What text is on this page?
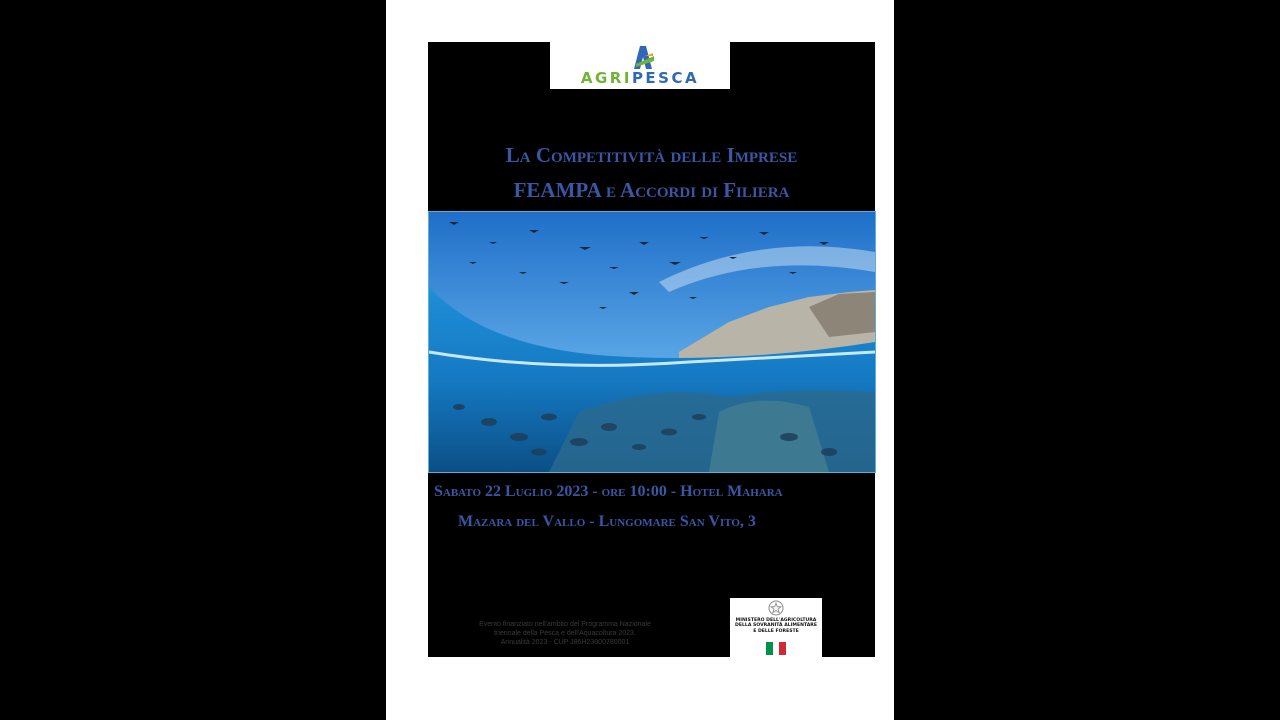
AGRIPESCA
La Competitività delle Imprese
FEAMPA e Accordi di Filiera
Sabato 22 Luglio 2023 - ore 10:00 - Hotel Mahara
Mazara del Vallo - Lungomare San Vito, 3
Evento finanziato nell'ambito del Programma Nazionale
triennale della Pesca e dell'Aquacoltura 2023.
Annualità 2023 - CUP J86H23000780001
MINISTERO DELL'AGRICOLTURA
DELLA SOVRANITÀ ALIMENTARE
E DELLE FORESTE
